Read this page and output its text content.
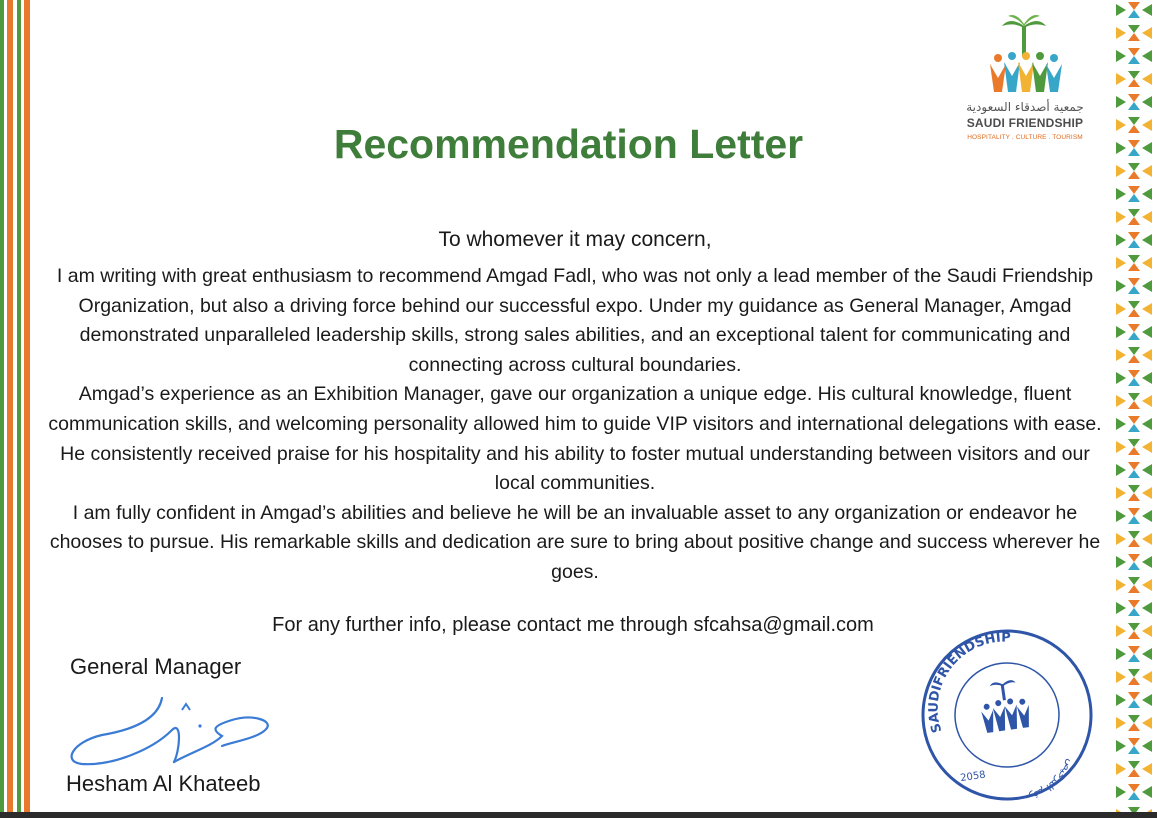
جمعية أصدقاء السعودية
SAUDI FRIENDSHIP
HOSPITALITY . CULTURE . TOURISM
Recommendation Letter
To whomever it may concern,

I am writing with great enthusiasm to recommend Amgad Fadl, who was not only a lead member of the Saudi Friendship Organization, but also a driving force behind our successful expo. Under my guidance as General Manager, Amgad demonstrated unparalleled leadership skills, strong sales abilities, and an exceptional talent for communicating and connecting across cultural boundaries.

Amgad’s experience as an Exhibition Manager, gave our organization a unique edge. His cultural knowledge, fluent communication skills, and welcoming personality allowed him to guide VIP visitors and international delegations with ease. He consistently received praise for his hospitality and his ability to foster mutual understanding between visitors and our local communities.

I am fully confident in Amgad’s abilities and believe he will be an invaluable asset to any organization or endeavor he chooses to pursue. His remarkable skills and dedication are sure to bring about positive change and success wherever he goes.

For any further info, please contact me through sfcahsa@gmail.com
General Manager
Hesham Al Khateeb
SAUDIFRIENDSHIP
رقم الترخيص
2058
